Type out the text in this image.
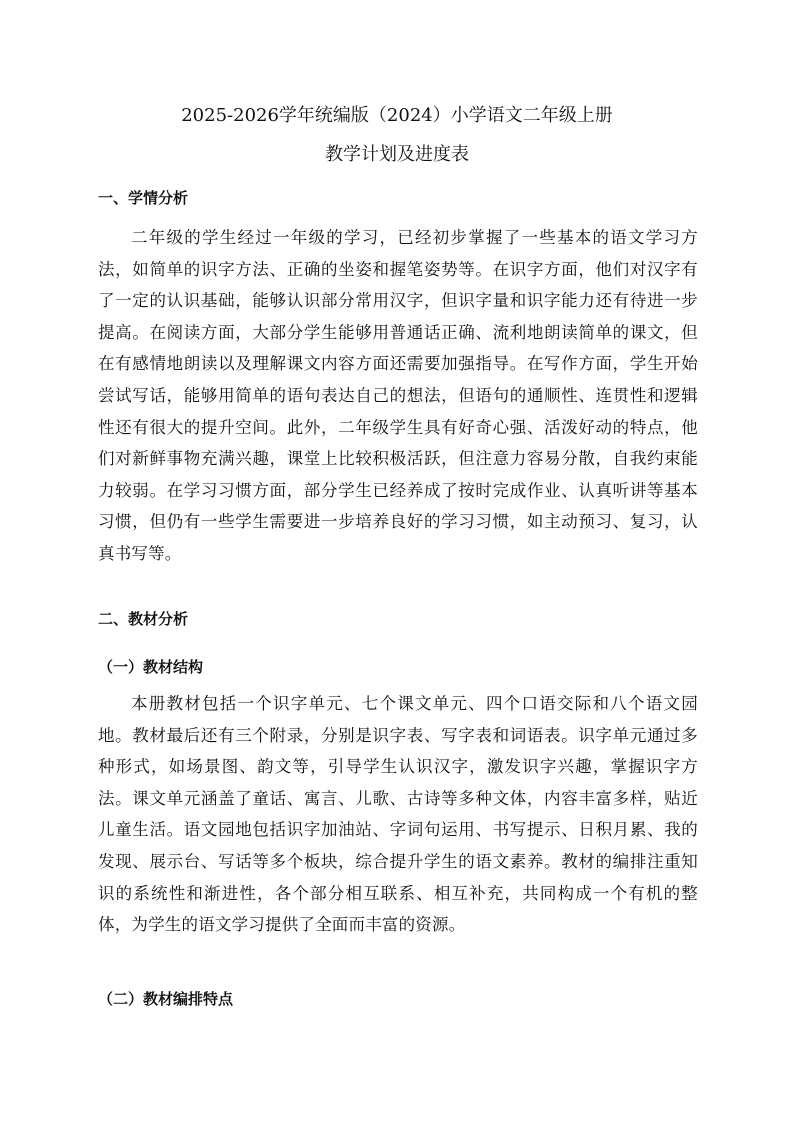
2025-2026学年统编版（2024）小学语文二年级上册
教学计划及进度表
一、学情分析

二年级的学生经过一年级的学习，已经初步掌握了一些基本的语文学习方法，如简单的识字方法、正确的坐姿和握笔姿势等。在识字方面，他们对汉字有了一定的认识基础，能够认识部分常用汉字，但识字量和识字能力还有待进一步提高。在阅读方面，大部分学生能够用普通话正确、流利地朗读简单的课文，但在有感情地朗读以及理解课文内容方面还需要加强指导。在写作方面，学生开始尝试写话，能够用简单的语句表达自己的想法，但语句的通顺性、连贯性和逻辑性还有很大的提升空间。此外，二年级学生具有好奇心强、活泼好动的特点，他们对新鲜事物充满兴趣，课堂上比较积极活跃，但注意力容易分散，自我约束能力较弱。在学习习惯方面，部分学生已经养成了按时完成作业、认真听讲等基本习惯，但仍有一些学生需要进一步培养良好的学习习惯，如主动预习、复习，认真书写等。

二、教材分析
（一）教材结构

本册教材包括一个识字单元、七个课文单元、四个口语交际和八个语文园地。教材最后还有三个附录，分别是识字表、写字表和词语表。识字单元通过多种形式，如场景图、韵文等，引导学生认识汉字，激发识字兴趣，掌握识字方法。课文单元涵盖了童话、寓言、儿歌、古诗等多种文体，内容丰富多样，贴近儿童生活。语文园地包括识字加油站、字词句运用、书写提示、日积月累、我的发现、展示台、写话等多个板块，综合提升学生的语文素养。教材的编排注重知识的系统性和渐进性，各个部分相互联系、相互补充，共同构成一个有机的整体，为学生的语文学习提供了全面而丰富的资源。

（二）教材编排特点
